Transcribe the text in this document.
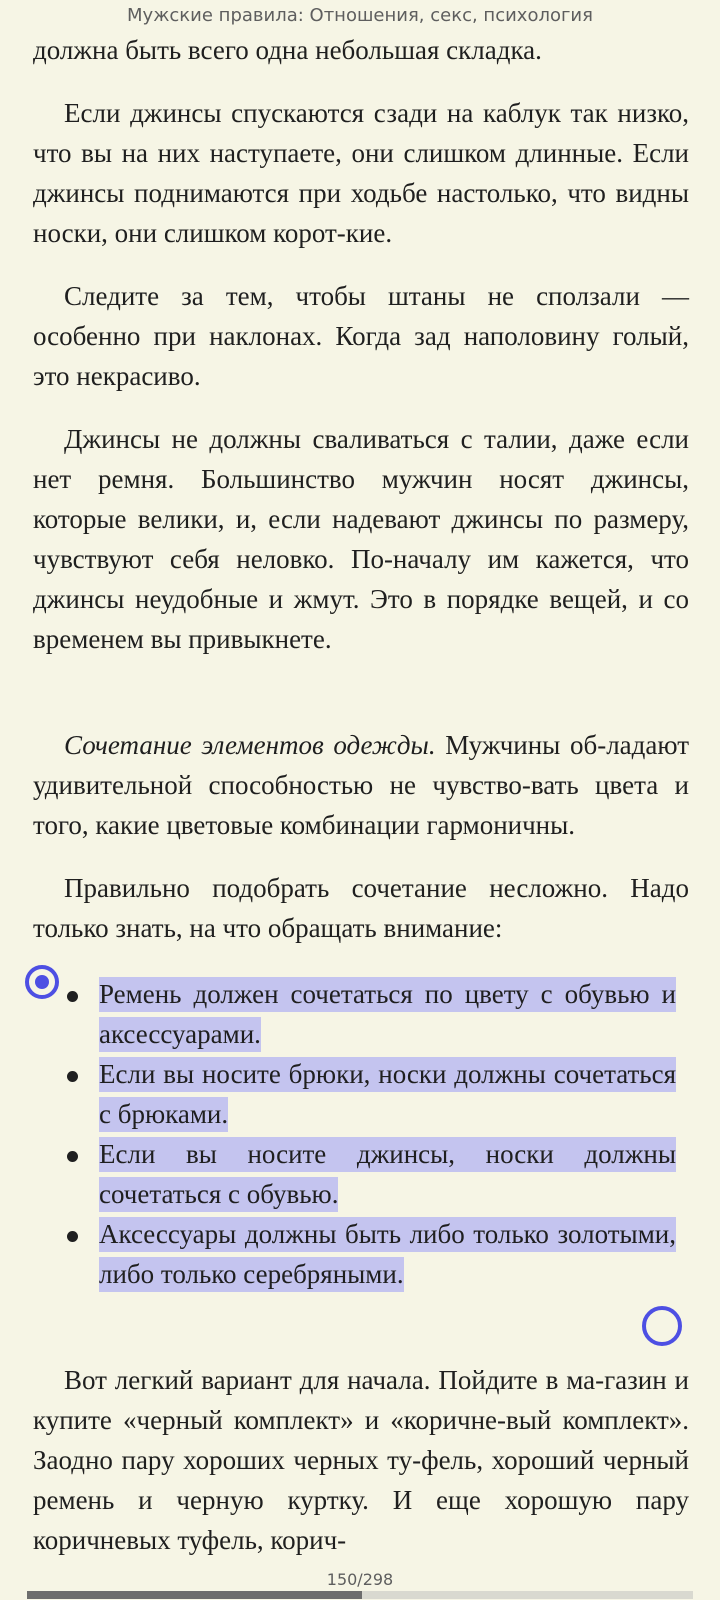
Мужские правила: Отношения, секс, психология

должна быть всего одна небольшая складка.

Если джинсы спускаются сзади на каблук так низко, что вы на них наступаете, они слишком длинные. Если джинсы поднимаются при ходьбе настолько, что видны носки, они слишком корот-кие.

Следите за тем, чтобы штаны не сползали — особенно при наклонах. Когда зад наполовину голый, это некрасиво.

Джинсы не должны сваливаться с талии, даже если нет ремня. Большинство мужчин носят джинсы, которые велики, и, если надевают джинсы по размеру, чувствуют себя неловко. По-началу им кажется, что джинсы неудобные и жмут. Это в порядке вещей, и со временем вы привыкнете.

Сочетание элементов одежды. Мужчины об-ладают удивительной способностью не чувство-вать цвета и того, какие цветовые комбинации гармоничны.

Правильно подобрать сочетание несложно. Надо только знать, на что обращать внимание:

Ремень должен сочетаться по цвету с обувью и аксессуарами.
Если вы носите брюки, носки должны сочетаться с брюками.
Если вы носите джинсы, носки должны сочетаться с обувью.
Аксессуары должны быть либо только золотыми, либо только серебряными.

Вот легкий вариант для начала. Пойдите в ма-газин и купите «черный комплект» и «коричне-вый комплект». Заодно пару хороших черных ту-фель, хороший черный ремень и черную куртку. И еще хорошую пару коричневых туфель, корич-

150/298
